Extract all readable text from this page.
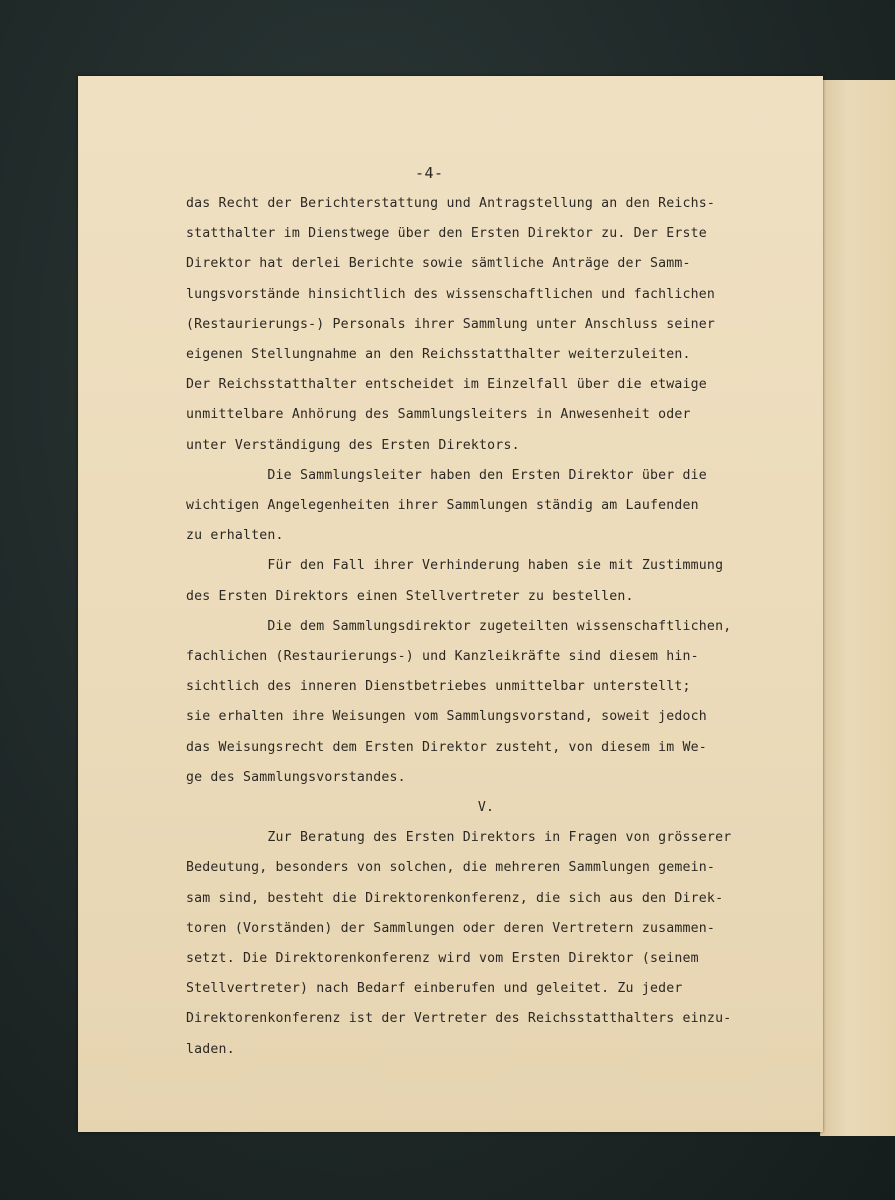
-4-
das Recht der Berichterstattung und Antragstellung an den Reichs-
statthalter im Dienstwege über den Ersten Direktor zu. Der Erste
Direktor hat derlei Berichte sowie sämtliche Anträge der Samm-
lungsvorstände hinsichtlich des wissenschaftlichen und fachlichen
(Restaurierungs-) Personals ihrer Sammlung unter Anschluss seiner
eigenen Stellungnahme an den Reichsstatthalter weiterzuleiten.
Der Reichsstatthalter entscheidet im Einzelfall über die etwaige
unmittelbare Anhörung des Sammlungsleiters in Anwesenheit oder
unter Verständigung des Ersten Direktors.
Die Sammlungsleiter haben den Ersten Direktor über die
wichtigen Angelegenheiten ihrer Sammlungen ständig am Laufenden
zu erhalten.
Für den Fall ihrer Verhinderung haben sie mit Zustimmung
des Ersten Direktors einen Stellvertreter zu bestellen.
Die dem Sammlungsdirektor zugeteilten wissenschaftlichen,
fachlichen (Restaurierungs-) und Kanzleikräfte sind diesem hin-
sichtlich des inneren Dienstbetriebes unmittelbar unterstellt;
sie erhalten ihre Weisungen vom Sammlungsvorstand, soweit jedoch
das Weisungsrecht dem Ersten Direktor zusteht, von diesem im We-
ge des Sammlungsvorstandes.
V.
Zur Beratung des Ersten Direktors in Fragen von grösserer
Bedeutung, besonders von solchen, die mehreren Sammlungen gemein-
sam sind, besteht die Direktorenkonferenz, die sich aus den Direk-
toren (Vorständen) der Sammlungen oder deren Vertretern zusammen-
setzt. Die Direktorenkonferenz wird vom Ersten Direktor (seinem
Stellvertreter) nach Bedarf einberufen und geleitet. Zu jeder
Direktorenkonferenz ist der Vertreter des Reichsstatthalters einzu-
laden.
